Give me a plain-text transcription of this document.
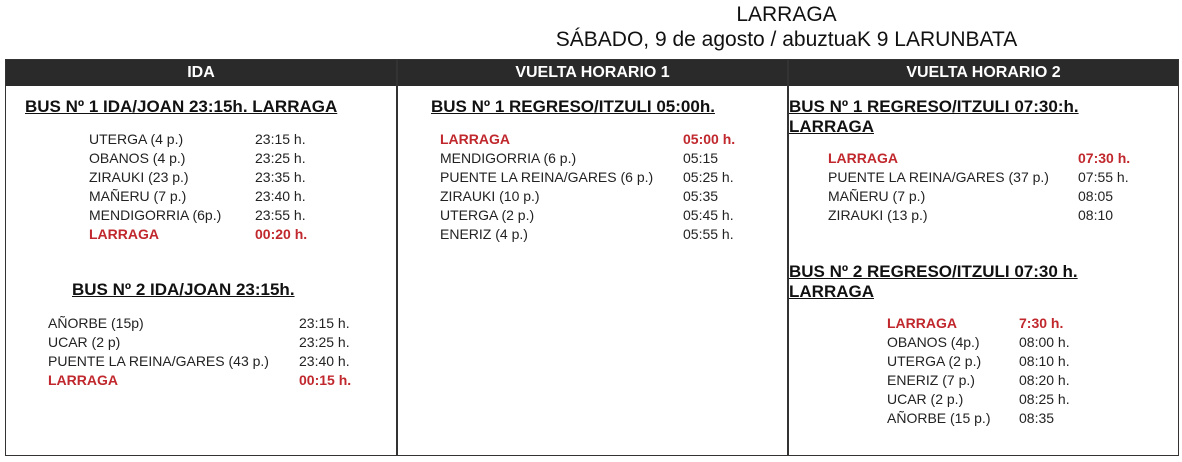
LARRAGA
SÁBADO, 9 de agosto / abuztuaK 9 LARUNBATA
IDA	VUELTA HORARIO 1	VUELTA HORARIO 2
BUS Nº 1 IDA/JOAN 23:15h. LARRAGA
UTERGA (4 p.)	23:15 h.
OBANOS (4 p.)	23:25 h.
ZIRAUKI (23 p.)	23:35 h.
MAÑERU (7 p.)	23:40 h.
MENDIGORRIA (6p.) 23:55 h.
LARRAGA	00:20 h.
BUS Nº 2 IDA/JOAN 23:15h.
AÑORBE (15p)	23:15 h.
UCAR (2 p)	23:25 h.
PUENTE LA REINA/GARES (43 p.) 23:40 h.
LARRAGA	00:15 h.
BUS Nº 1 REGRESO/ITZULI 05:00h.
LARRAGA	05:00 h.
MENDIGORRIA (6 p.)	05:15
PUENTE LA REINA/GARES (6 p.) 05:25 h.
ZIRAUKI (10 p.)	05:35
UTERGA (2 p.)	05:45 h.
ENERIZ (4 p.)	05:55 h.
BUS Nº 1 REGRESO/ITZULI 07:30:h.
LARRAGA
LARRAGA	07:30 h.
PUENTE LA REINA/GARES (37 p.) 07:55 h.
MAÑERU (7 p.)	08:05
ZIRAUKI (13 p.)	08:10
BUS Nº 2 REGRESO/ITZULI 07:30 h.
LARRAGA
LARRAGA	7:30 h.
OBANOS (4p.)	08:00 h.
UTERGA (2 p.)	08:10 h.
ENERIZ (7 p.)	08:20 h.
UCAR (2 p.)	08:25 h.
AÑORBE (15 p.) 08:35
